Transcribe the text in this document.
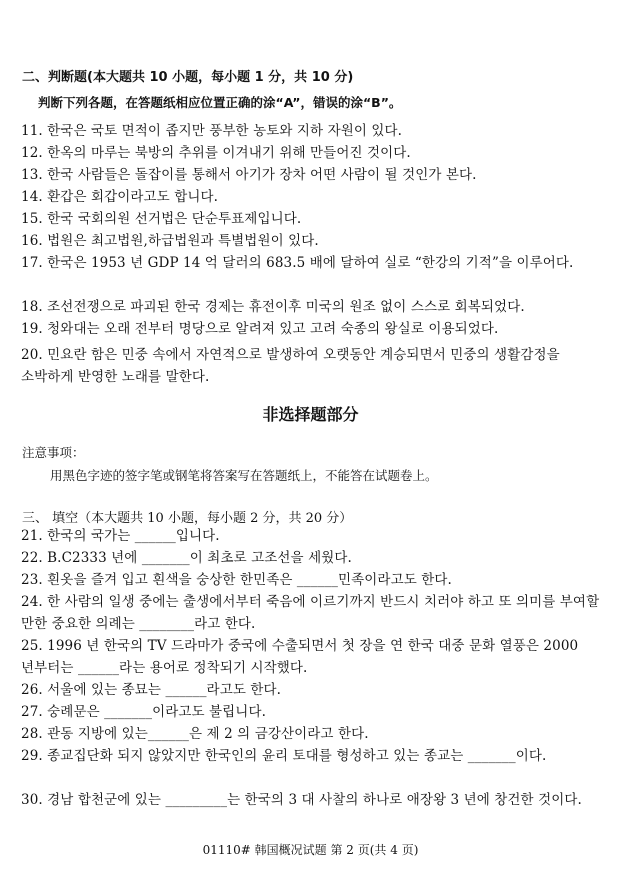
二、判断题(本大题共 10 小题，每小题 1 分，共 10 分)
判断下列各题，在答题纸相应位置正确的涂“A”，错误的涂“B”。
11. 한국은 국토 면적이 좁지만 풍부한 농토와 지하 자원이 있다.
12. 한옥의 마루는 북방의 추위를 이겨내기 위해 만들어진 것이다.
13. 한국 사람들은 돌잡이를 통해서 아기가 장차 어떤 사람이 될 것인가 본다.
14. 환갑은 회갑이라고도 합니다.
15. 한국 국회의원 선거법은 단순투표제입니다.
16. 법원은 최고법원,하급법원과 특별법원이 있다.
17. 한국은 1953 년 GDP 14 억 달러의 683.5 배에 달하여 실로 “한강의 기적”을 이루어다.
18. 조선전쟁으로 파괴된 한국 경제는 휴전이후 미국의 원조 없이 스스로 회복되었다.
19. 청와대는 오래 전부터 명당으로 알려져 있고 고려 숙종의 왕실로 이용되었다.
20. 민요란 함은 민중 속에서 자연적으로 발생하여 오랫동안 계승되면서 민중의 생활감정을 소박하게 반영한 노래를 말한다.
非选择题部分
注意事项：
用黑色字迹的签字笔或钢笔将答案写在答题纸上，不能答在试题卷上。
三、 填空（本大题共 10 小题，每小题 2 分，共 20 分）
21. 한국의 국가는 ______입니다.
22. B.C2333 년에 _______이 최초로 고조선을 세웠다.
23. 흰옷을 즐겨 입고 흰색을 숭상한 한민족은 ______민족이라고도 한다.
24. 한 사람의 일생 중에는 출생에서부터 죽음에 이르기까지 반드시 치러야 하고 또 의미를 부여할 만한 중요한 의례는 ________라고 한다.
25. 1996 년 한국의 TV 드라마가 중국에 수출되면서 첫 장을 연 한국 대중 문화 열풍은 2000 년부터는 ______라는 용어로 정착되기 시작했다.
26. 서울에 있는 종묘는 ______라고도 한다.
27. 숭례문은 _______이라고도 불립니다.
28. 관동 지방에 있는______은 제 2 의 금강산이라고 한다.
29. 종교집단화 되지 않았지만 한국인의 윤리 토대를 형성하고 있는 종교는 _______이다.
30. 경남 합천군에 있는 _________는 한국의 3 대 사찰의 하나로 애장왕 3 년에 창건한 것이다.
01110# 韩国概况试题 第 2 页(共 4 页)
